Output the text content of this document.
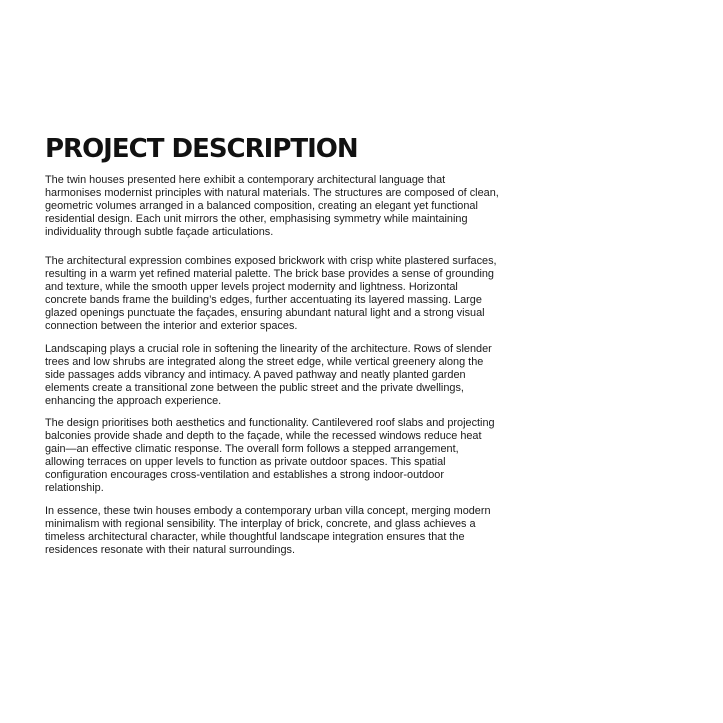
PROJECT DESCRIPTION

The twin houses presented here exhibit a contemporary architectural language that harmonises modernist principles with natural materials. The structures are composed of clean, geometric volumes arranged in a balanced composition, creating an elegant yet functional residential design. Each unit mirrors the other, emphasising symmetry while maintaining individuality through subtle façade articulations.

The architectural expression combines exposed brickwork with crisp white plastered surfaces, resulting in a warm yet refined material palette. The brick base provides a sense of grounding and texture, while the smooth upper levels project modernity and lightness. Horizontal concrete bands frame the building’s edges, further accentuating its layered massing. Large glazed openings punctuate the façades, ensuring abundant natural light and a strong visual connection between the interior and exterior spaces.

Landscaping plays a crucial role in softening the linearity of the architecture. Rows of slender trees and low shrubs are integrated along the street edge, while vertical greenery along the side passages adds vibrancy and intimacy. A paved pathway and neatly planted garden elements create a transitional zone between the public street and the private dwellings, enhancing the approach experience.

The design prioritises both aesthetics and functionality. Cantilevered roof slabs and projecting balconies provide shade and depth to the façade, while the recessed windows reduce heat gain—an effective climatic response. The overall form follows a stepped arrangement, allowing terraces on upper levels to function as private outdoor spaces. This spatial configuration encourages cross-ventilation and establishes a strong indoor-outdoor relationship.

In essence, these twin houses embody a contemporary urban villa concept, merging modern minimalism with regional sensibility. The interplay of brick, concrete, and glass achieves a timeless architectural character, while thoughtful landscape integration ensures that the residences resonate with their natural surroundings.
